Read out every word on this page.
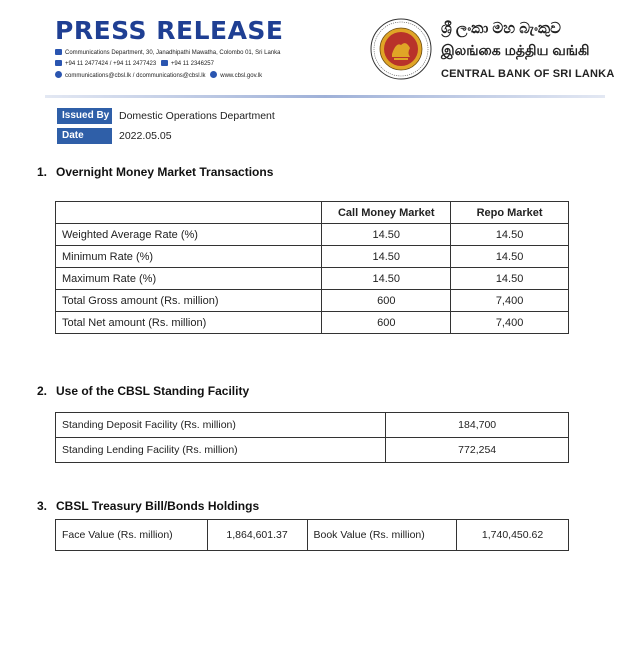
PRESS RELEASE
Communications Department, 30, Janadhipathi Mawatha, Colombo 01, Sri Lanka
+94 11 2477424 / +94 11 2477423 +94 11 2346257
communications@cbsl.lk / dcommunications@cbsl.lk www.cbsl.gov.lk
ශ්‍රී ලංකා මහ බැංකුව
இலங்கை மத்திய வங்கி
CENTRAL BANK OF SRI LANKA
Issued By Domestic Operations Department
Date	2022.05.05
1. Overnight Money Market Transactions
	Call Money Market	Repo Market
Weighted Average Rate (%)	14.50	14.50
Minimum Rate (%)	14.50	14.50
Maximum Rate (%)	14.50	14.50
Total Gross amount (Rs. million)	600	7,400
Total Net amount (Rs. million)	600	7,400
2. Use of the CBSL Standing Facility
Standing Deposit Facility (Rs. million)	184,700
Standing Lending Facility (Rs. million)	772,254
3. CBSL Treasury Bill/Bonds Holdings
Face Value (Rs. million)	1,864,601.37	Book Value (Rs. million)	1,740,450.62
